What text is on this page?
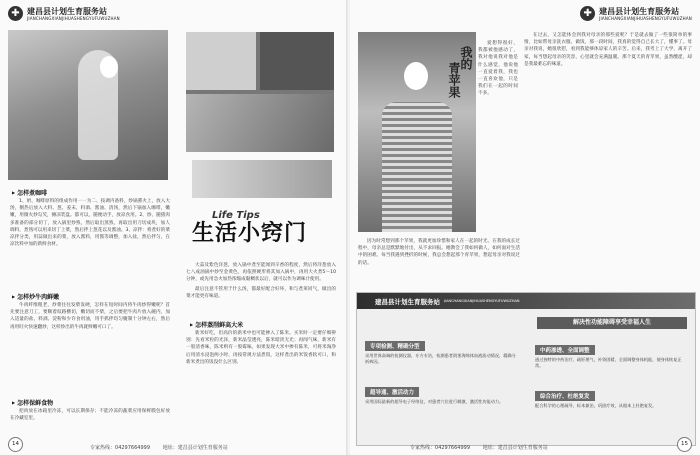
✚ 建昌县计划生育服务站
JIANCHANGXIANJIHUASHENGYUFUWUZHAN
▶ 怎样煮咖啡

1、奶、咖啡原料的组成作用一一为二、按调内备料，炒锅熏火上，放入大汤，倒热后放入大料、葱、姜末，料酒、酱油、清汤，然后下锅加入咖啡，嫩嫩，用微火炒勾芡，摊凉装盘。都可以，随便动手，放凉食用。2、炒、随猪肉多准备的部分切丁，放入锅里炒熟，然后取出蒸熟，再取出用刀切成块，加人调料，煮熟可以用来切丁上菜，然后拌上葱花以及酱油。3、凉拌：将煮好的菜凉拌分类，用蒜做出来的菜，放入酱料，用酱等调整，加入盐，然后拌匀，在凉饮料中加的新鲜食材。

▶ 怎样炒牛肉鲜嫩

牛肉纤维粗老，炒菜往往发柴发硬，怎样在短时间内将牛肉炒得嫩呢？首先要注意刀工，要顺着纹路横切，嫩切而不柴，之后要把牛肉片放入碗内，加入适量的盐、料酒、淀粉和少许食用油，用手抓拌均匀腌制十分钟左右，然后再用旺火快速翻炒，这样炒出的牛肉就鲜嫩可口了。

▶ 怎样保鲜食物

把肉放在冰箱里冷冻，可以长期保存；不能冷冻的蔬菜应用保鲜膜包好放在冷藏室里。

Life Tips
生活小窍门

大蒜及紫色洋葱，放入锅中煮至能闻到辛香的程度，然后将洋葱放入七八成油锅中炒至金黄色，再依照硬形将其加入锅中，再用大火煮5～10分钟，或先用急火加热浓缩成黏稠状以后，就可以作为调味汁使用。

最后注意不管用于什么汤，都最好配合好坏，和与煮莱同气，做出的菜才能更有味道。

▶ 怎样蒸削鲜高大米

新米好吃，但高价的新米中也可能掺入了陈米。买米时一定要仔细辨别：先看米粒的光泽，新米晶莹透亮，陈米暗淡无光；再闻气味，新米有一股清香味，陈米则有一股霉味。如果发现大米中掺有陈米，可将米淘净后用清水浸泡两小时，再按常规方法煮饭，这样煮出的米饭香软可口，和新米煮出的饭没什么区别。

14
专家热线：04297664999	地址：建昌县计划生育服务站
✚ 建昌县计划生育服务站
JIANCHANGXIANJIHUASHENGYUFUWUZHAN
我的
青苹果

爱想得很好，我都被他感动了，我对他说我对他是什么感觉，他说他一直爱着我，我也一直喜欢他，只是我们在一起的时间不多。

在过去，又怎能体会到我对母亲的那些爱呢？于是就去做了一些很简单的事情，比如帮母亲洗衣服、做饭，那一段时间，我真的觉得自己长大了，懂事了。母亲对我说，她很欣慰，看到我能够体谅家人的辛苦。后来，我考上了大学，离开了家，每当想起母亲的笑容，心里就会充满温暖。那个夏天的青苹果，虽然酸涩，却是我最难忘的味道。

因为时常想到那个苹果，我就更加珍惜和家人在一起的时光。在我的成长过程中，母亲总是默默地付出，从不求回报。她教会了我如何做人，如何面对生活中的困难。每当我遇到挫折的时候，我总会想起那个青苹果，想起母亲对我说过的话。

建昌县计划生育服务站 JIANCHANGXIANJIHUASHENGYUFUWUZHAN
解决性功能障碍享受幸福人生
专项检测、精确分型
采用世界高端的检测仪器，专方专治，检测患者阴茎海绵体血液流动情况，精确分析病因。
中药渗透、全面调整
通过独特的中药治疗，疏肝理气，补肾固精，全面调整身体机能，使身体恢复正常。
超导通、激活动力
采用国际最新的超导电子经络仪，对患者穴位进行刺激，激活性功能动力。
综合治疗、杜绝复发
配合科学的心理疏导，标本兼治，巩固疗效，从根本上杜绝复发。
专家热线：04297664999	地址：建昌县计划生育服务站
15
